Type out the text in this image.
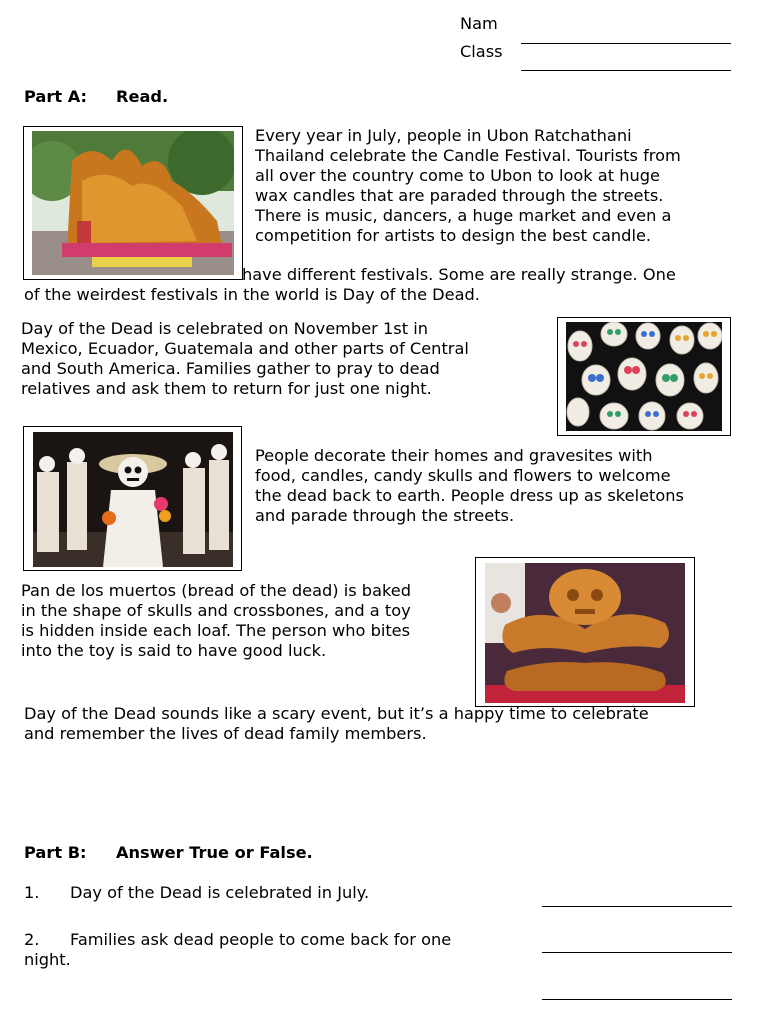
Nam
Class
Part A: Read.
Every year in July, people in Ubon Ratchathani
Thailand celebrate the Candle Festival. Tourists from
all over the country come to Ubon to look at huge
wax candles that are paraded through the streets.
There is music, dancers, a huge market and even a
competition for artists to design the best candle.
have different festivals. Some are really strange. One
of the weirdest festivals in the world is Day of the Dead.
Day of the Dead is celebrated on November 1st in
Mexico, Ecuador, Guatemala and other parts of Central
and South America. Families gather to pray to dead
relatives and ask them to return for just one night.
People decorate their homes and gravesites with
food, candles, candy skulls and flowers to welcome
the dead back to earth. People dress up as skeletons
and parade through the streets.
Pan de los muertos (bread of the dead) is baked
in the shape of skulls and crossbones, and a toy
is hidden inside each loaf. The person who bites
into the toy is said to have good luck.
Day of the Dead sounds like a scary event, but it’s a happy time to celebrate
and remember the lives of dead family members.
Part B: Answer True or False.
1. Day of the Dead is celebrated in July.
2. Families ask dead people to come back for one
night.
